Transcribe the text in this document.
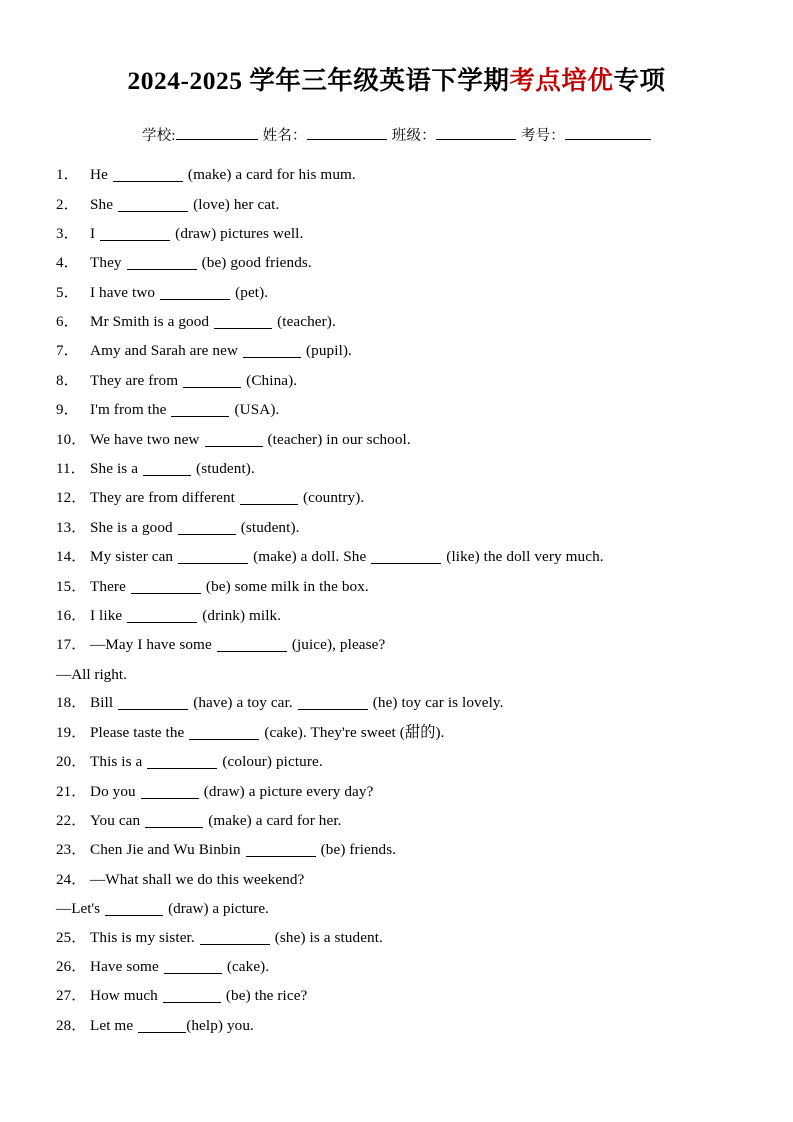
2024-2025 学年三年级英语下学期考点培优专项
学校:	姓名：	班级：	考号：
1． He	(make) a card for his mum.
2． She	(love) her cat.
3． I	(draw) pictures well.
4． They	(be) good friends.
5． I have two	(pet).
6． Mr Smith is a good	(teacher).
7． Amy and Sarah are new	(pupil).
8． They are from	(China).
9． I'm from the	(USA).
10． We have two new	(teacher) in our school.
11． She is a	(student).
12． They are from different	(country).
13． She is a good	(student).
14． My sister can	(make) a doll. She	(like) the doll very much.
15． There	(be) some milk in the box.
16． I like	(drink) milk.
17． —May I have some	(juice), please?
—All right.
18． Bill	(have) a toy car.	(he) toy car is lovely.
19． Please taste the	(cake). They're sweet (甜的).
20． This is a	(colour) picture.
21． Do you	(draw) a picture every day?
22． You can	(make) a card for her.
23． Chen Jie and Wu Binbin	(be) friends.
24． —What shall we do this weekend?
—Let's	(draw) a picture.
25． This is my sister.	(she) is a student.
26． Have some	(cake).
27． How much	(be) the rice?
28． Let me	(help) you.
